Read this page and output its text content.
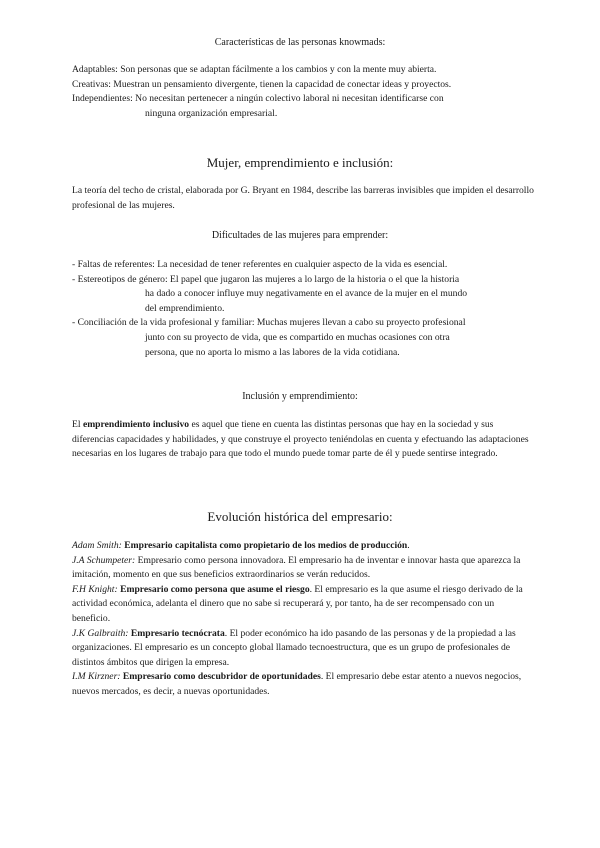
Características de las personas knowmads:
Adaptables: Son personas que se adaptan fácilmente a los cambios y con la mente muy abierta.
Creativas: Muestran un pensamiento divergente, tienen la capacidad de conectar ideas y proyectos.
Independientes: No necesitan pertenecer a ningún colectivo laboral ni necesitan identificarse con
ninguna organización empresarial.
Mujer, emprendimiento e inclusión:
La teoría del techo de cristal, elaborada por G. Bryant en 1984, describe las barreras invisibles que impiden el desarrollo profesional de las mujeres.
Dificultades de las mujeres para emprender:
- Faltas de referentes: La necesidad de tener referentes en cualquier aspecto de la vida es esencial.
- Estereotipos de género: El papel que jugaron las mujeres a lo largo de la historia o el que la historia
ha dado a conocer influye muy negativamente en el avance de la mujer en el mundo
del emprendimiento.
- Conciliación de la vida profesional y familiar: Muchas mujeres llevan a cabo su proyecto profesional
junto con su proyecto de vida, que es compartido en muchas ocasiones con otra
persona, que no aporta lo mismo a las labores de la vida cotidiana.
Inclusión y emprendimiento:
El emprendimiento inclusivo es aquel que tiene en cuenta las distintas personas que hay en la sociedad y sus diferencias capacidades y habilidades, y que construye el proyecto teniéndolas en cuenta y efectuando las adaptaciones necesarias en los lugares de trabajo para que todo el mundo puede tomar parte de él y puede sentirse integrado.
Evolución histórica del empresario:
Adam Smith: Empresario capitalista como propietario de los medios de producción.
J.A Schumpeter: Empresario como persona innovadora. El empresario ha de inventar e innovar hasta que aparezca la imitación, momento en que sus beneficios extraordinarios se verán reducidos.
F.H Knight: Empresario como persona que asume el riesgo. El empresario es la que asume el riesgo derivado de la actividad económica, adelanta el dinero que no sabe si recuperará y, por tanto, ha de ser recompensado con un beneficio.
J.K Galbraith: Empresario tecnócrata. El poder económico ha ido pasando de las personas y de la propiedad a las organizaciones. El empresario es un concepto global llamado tecnoestructura, que es un grupo de profesionales de distintos ámbitos que dirigen la empresa.
I.M Kirzner: Empresario como descubridor de oportunidades. El empresario debe estar atento a nuevos negocios, nuevos mercados, es decir, a nuevas oportunidades.
